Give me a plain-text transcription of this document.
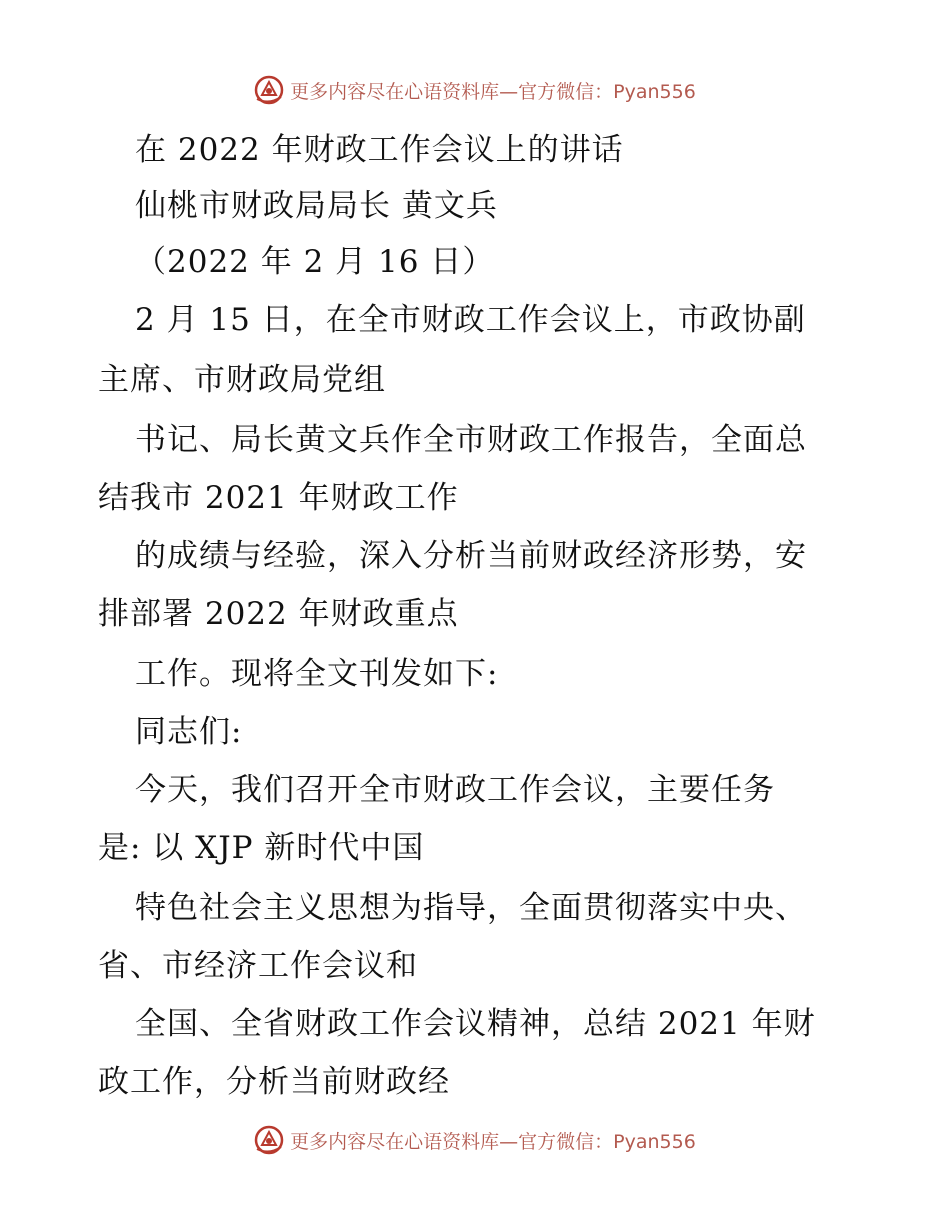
更多内容尽在心语资料库—官方微信：Pyan556
在 2022 年财政工作会议上的讲话
仙桃市财政局局长 黄文兵
（2022 年 2 月 16 日）
2 月 15 日，在全市财政工作会议上，市政协副
主席、市财政局党组
书记、局长黄文兵作全市财政工作报告，全面总
结我市 2021 年财政工作
的成绩与经验，深入分析当前财政经济形势，安
排部署 2022 年财政重点
工作。现将全文刊发如下:
同志们:
今天，我们召开全市财政工作会议，主要任务
是: 以 XJP 新时代中国
特色社会主义思想为指导，全面贯彻落实中央、
省、市经济工作会议和
全国、全省财政工作会议精神，总结 2021 年财
政工作，分析当前财政经
更多内容尽在心语资料库—官方微信：Pyan556
